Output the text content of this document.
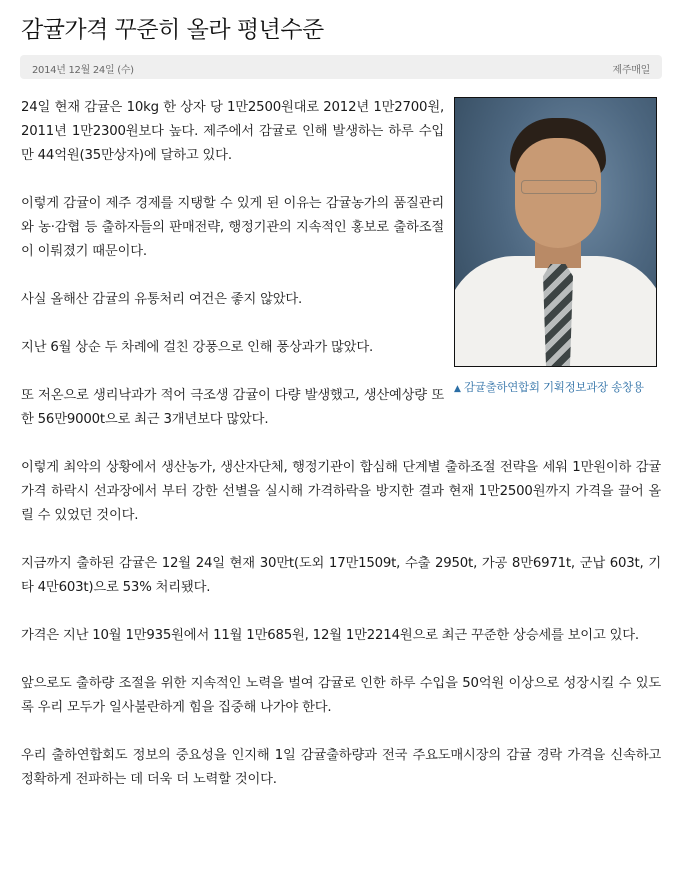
감귤가격 꾸준히 올라 평년수준
2014년 12월 24일 (수)	제주매일
▲ 감귤출하연합회 기획정보과장 송창용

24일 현재 감귤은 10kg 한 상자 당 1만2500원대로 2012년 1만2700원, 2011년 1만2300원보다 높다. 제주에서 감귤로 인해 발생하는 하루 수입만 44억원(35만상자)에 달하고 있다.

이렇게 감귤이 제주 경제를 지탱할 수 있게 된 이유는 감귤농가의 품질관리와 농·감협 등 출하자들의 판매전략, 행정기관의 지속적인 홍보로 출하조절이 이뤄졌기 때문이다.

사실 올해산 감귤의 유통처리 여건은 좋지 않았다.

지난 6월 상순 두 차례에 걸친 강풍으로 인해 풍상과가 많았다.

또 저온으로 생리낙과가 적어 극조생 감귤이 다량 발생했고, 생산예상량 또한 56만9000t으로 최근 3개년보다 많았다.

이렇게 최악의 상황에서 생산농가, 생산자단체, 행정기관이 합심해 단계별 출하조절 전략을 세워 1만원이하 감귤가격 하락시 선과장에서 부터 강한 선별을 실시해 가격하락을 방지한 결과 현재 1만2500원까지 가격을 끌어 올릴 수 있었던 것이다.

지금까지 출하된 감귤은 12월 24일 현재 30만t(도외 17만1509t, 수출 2950t, 가공 8만6971t, 군납 603t, 기타 4만603t)으로 53% 처리됐다.

가격은 지난 10월 1만935원에서 11월 1만685원, 12월 1만2214원으로 최근 꾸준한 상승세를 보이고 있다.

앞으로도 출하량 조절을 위한 지속적인 노력을 벌여 감귤로 인한 하루 수입을 50억원 이상으로 성장시킬 수 있도록 우리 모두가 일사불란하게 힘을 집중해 나가야 한다.

우리 출하연합회도 정보의 중요성을 인지해 1일 감귤출하량과 전국 주요도매시장의 감귤 경락 가격을 신속하고 정확하게 전파하는 데 더욱 더 노력할 것이다.
